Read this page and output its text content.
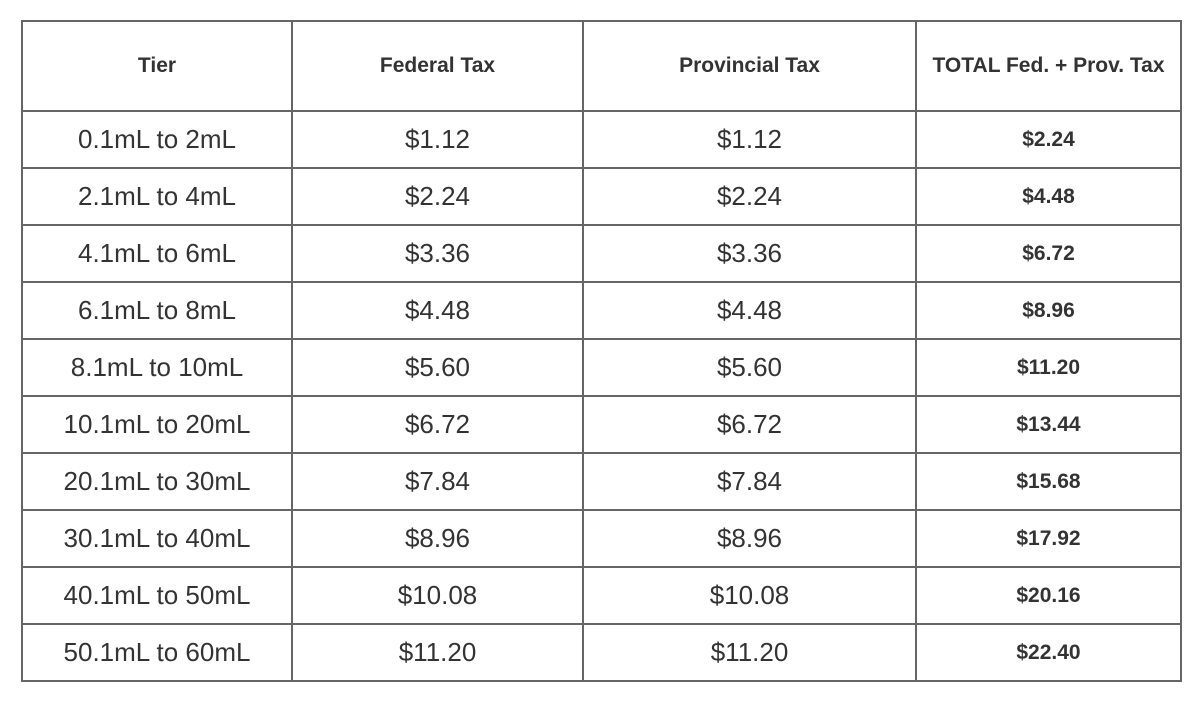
Tier	Federal Tax	Provincial Tax	TOTAL Fed. + Prov. Tax
0.1mL to 2mL	$1.12	$1.12	$2.24
2.1mL to 4mL	$2.24	$2.24	$4.48
4.1mL to 6mL	$3.36	$3.36	$6.72
6.1mL to 8mL	$4.48	$4.48	$8.96
8.1mL to 10mL	$5.60	$5.60	$11.20
10.1mL to 20mL	$6.72	$6.72	$13.44
20.1mL to 30mL	$7.84	$7.84	$15.68
30.1mL to 40mL	$8.96	$8.96	$17.92
40.1mL to 50mL	$10.08	$10.08	$20.16
50.1mL to 60mL	$11.20	$11.20	$22.40
